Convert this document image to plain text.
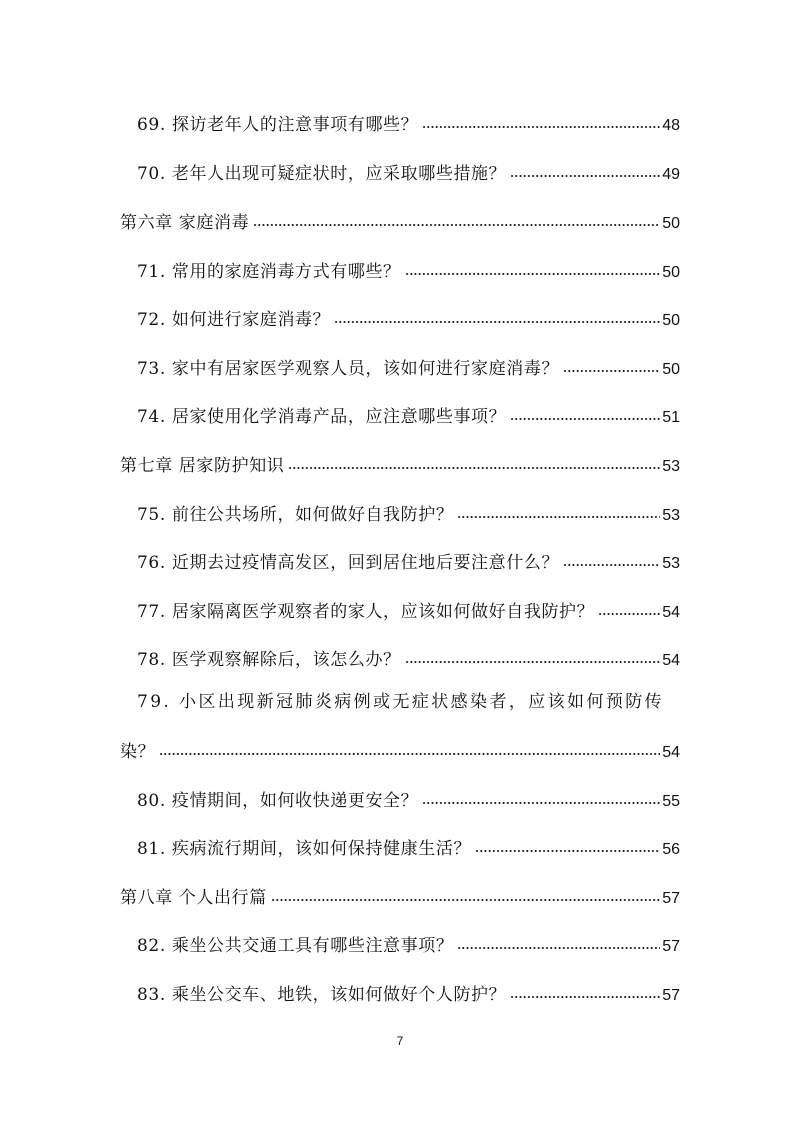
69. 探访老年人的注意事项有哪些？	48
70. 老年人出现可疑症状时，应采取哪些措施？	49
第六章 家庭消毒	50
71. 常用的家庭消毒方式有哪些？	50
72. 如何进行家庭消毒？	50
73. 家中有居家医学观察人员，该如何进行家庭消毒？	50
74. 居家使用化学消毒产品，应注意哪些事项？	51
第七章 居家防护知识	53
75. 前往公共场所，如何做好自我防护？	53
76. 近期去过疫情高发区，回到居住地后要注意什么？	53
77. 居家隔离医学观察者的家人，应该如何做好自我防护？	54
78. 医学观察解除后，该怎么办？	54
79. 小区出现新冠肺炎病例或无症状感染者，应该如何预防传
染？	54
80. 疫情期间，如何收快递更安全？	55
81. 疾病流行期间，该如何保持健康生活？	56
第八章 个人出行篇	57
82. 乘坐公共交通工具有哪些注意事项？	57
83. 乘坐公交车、地铁，该如何做好个人防护？	57
7
